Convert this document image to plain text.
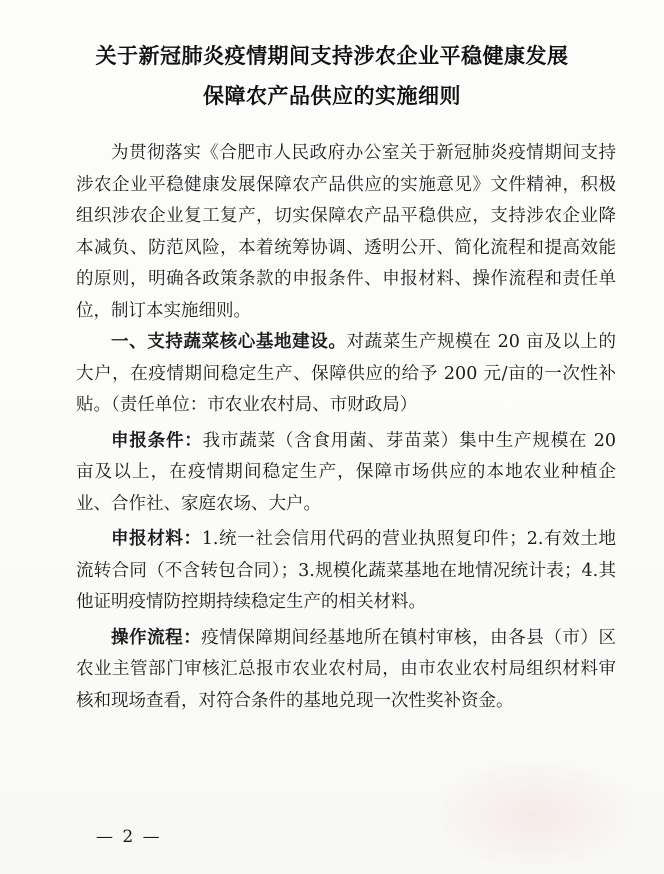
关于新冠肺炎疫情期间支持涉农企业平稳健康发展
保障农产品供应的实施细则

为贯彻落实《合肥市人民政府办公室关于新冠肺炎疫情期间支持涉农企业平稳健康发展保障农产品供应的实施意见》文件精神，积极组织涉农企业复工复产，切实保障农产品平稳供应，支持涉农企业降本减负、防范风险，本着统筹协调、透明公开、简化流程和提高效能的原则，明确各政策条款的申报条件、申报材料、操作流程和责任单位，制订本实施细则。

一、支持蔬菜核心基地建设。对蔬菜生产规模在 20 亩及以上的大户，在疫情期间稳定生产、保障供应的给予 200 元/亩的一次性补贴。（责任单位：市农业农村局、市财政局）

申报条件：我市蔬菜（含食用菌、芽苗菜）集中生产规模在 20 亩及以上，在疫情期间稳定生产，保障市场供应的本地农业种植企业、合作社、家庭农场、大户。

申报材料：1.统一社会信用代码的营业执照复印件；2.有效土地流转合同（不含转包合同）；3.规模化蔬菜基地在地情况统计表；4.其他证明疫情防控期持续稳定生产的相关材料。

操作流程：疫情保障期间经基地所在镇村审核，由各县（市）区农业主管部门审核汇总报市农业农村局，由市农业农村局组织材料审核和现场查看，对符合条件的基地兑现一次性奖补资金。

— 2 —
